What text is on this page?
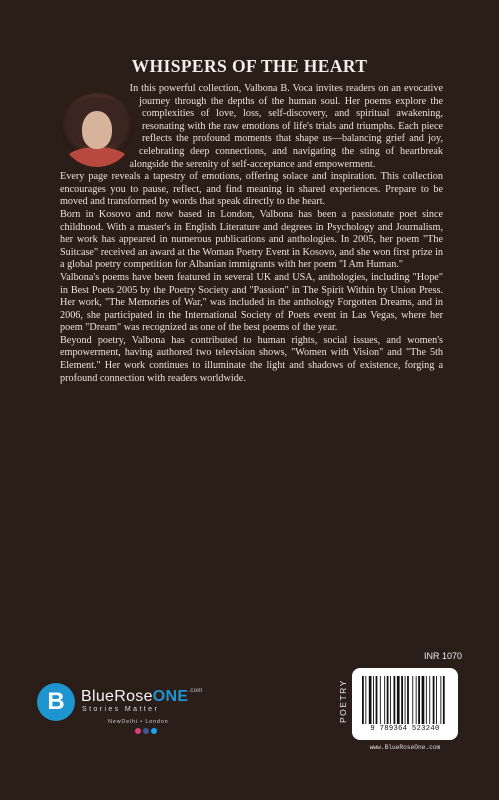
WHISPERS OF THE HEART

In this powerful collection, Valbona B. Voca invites readers on an evocative journey through the depths of the human soul. Her poems explore the complexities of love, loss, self-discovery, and spiritual awakening, resonating with the raw emotions of life's trials and triumphs. Each piece reflects the profound moments that shape us—balancing grief and joy, celebrating deep connections, and navigating the sting of heartbreak alongside the serenity of self-acceptance and empowerment.

Every page reveals a tapestry of emotions, offering solace and inspiration. This collection encourages you to pause, reflect, and find meaning in shared experiences. Prepare to be moved and transformed by words that speak directly to the heart.

Born in Kosovo and now based in London, Valbona has been a passionate poet since childhood. With a master's in English Literature and degrees in Psychology and Journalism, her work has appeared in numerous publications and anthologies. In 2005, her poem "The Suitcase" received an award at the Woman Poetry Event in Kosovo, and she won first prize in a global poetry competition for Albanian immigrants with her poem "I Am Human."

Valbona's poems have been featured in several UK and USA, anthologies, including "Hope" in Best Poets 2005 by the Poetry Society and "Passion" in The Spirit Within by Union Press. Her work, "The Memories of War," was included in the anthology Forgotten Dreams, and in 2006, she participated in the International Society of Poets event in Las Vegas, where her poem "Dream" was recognized as one of the best poems of the year.

Beyond poetry, Valbona has contributed to human rights, social issues, and women's empowerment, having authored two television shows, "Women with Vision" and "The 5th Element." Her work continues to illuminate the light and shadows of existence, forging a profound connection with readers worldwide.

B	BlueRoseONE$^{.com}$
Stories Matter
NewDelhi • London
INR 1070
POETRY
9 789364 523240
www.BlueRoseOne.com
